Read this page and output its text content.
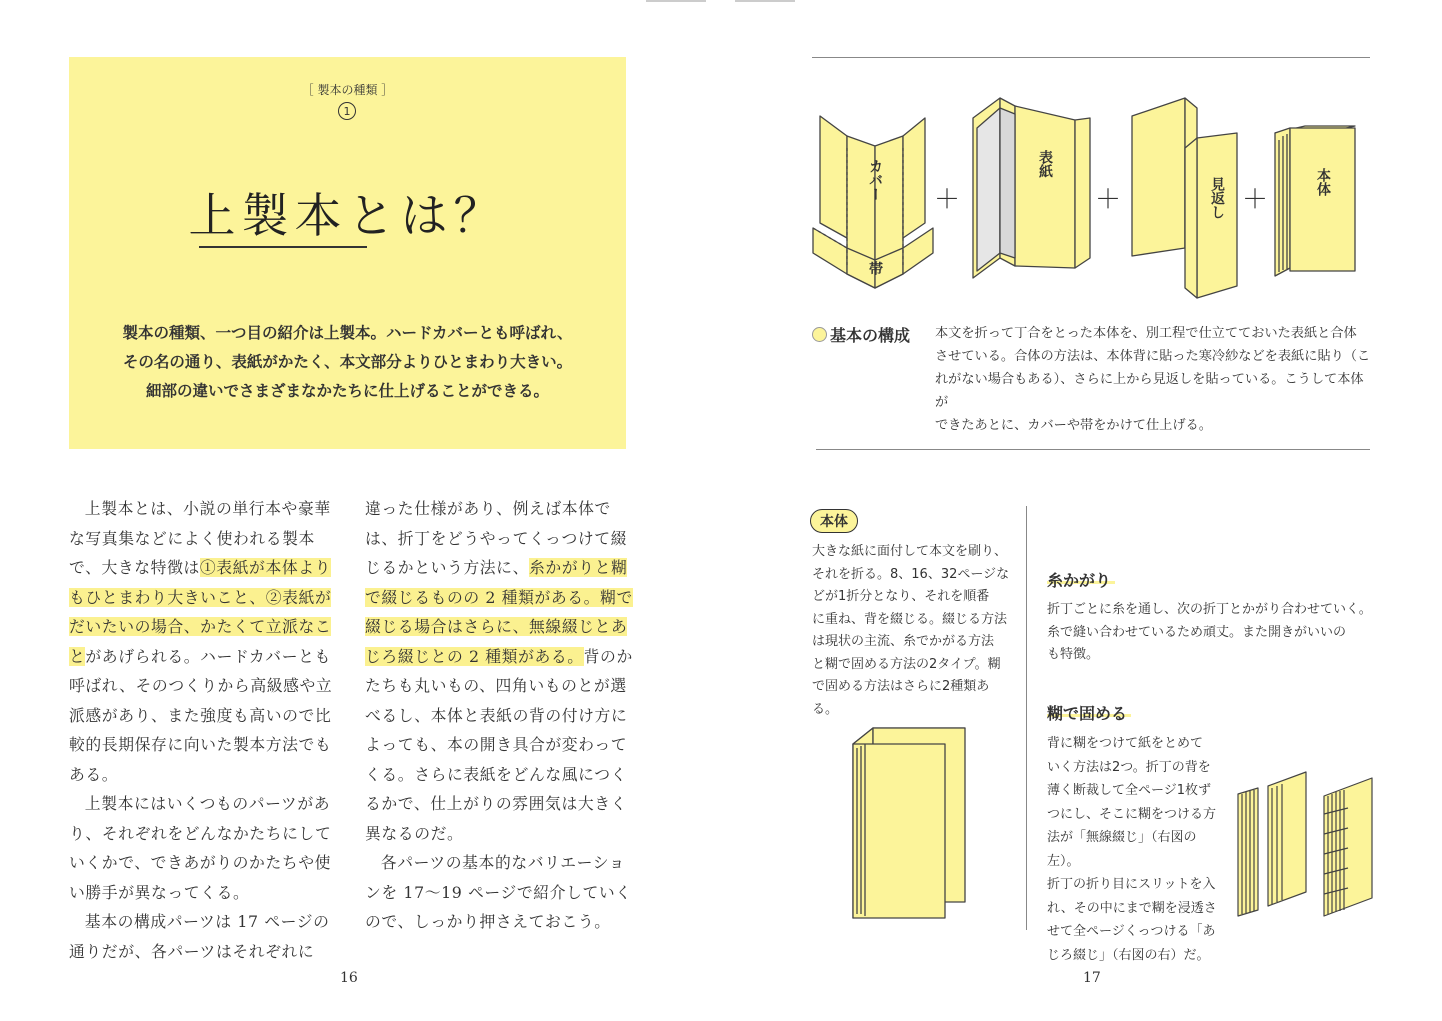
［ 製本の種類 ］
1
上製本とは？
製本の種類、一つ目の紹介は上製本。ハードカバーとも呼ばれ、
その名の通り、表紙がかたく、本文部分よりひとまわり大きい。
細部の違いでさまざまなかたちに仕上げることができる。

上製本とは、小説の単行本や豪華な写真集などによく使われる製本で、大きな特徴は①表紙が本体よりもひとまわり大きいこと、②表紙がだいたいの場合、かたくて立派なことがあげられる。ハードカバーとも呼ばれ、そのつくりから高級感や立派感があり、また強度も高いので比較的長期保存に向いた製本方法でもある。

上製本にはいくつものパーツがあり、それぞれをどんなかたちにしていくかで、できあがりのかたちや使い勝手が異なってくる。

基本の構成パーツは 17 ページの通りだが、各パーツはそれぞれに

違った仕様があり、例えば本体では、折丁をどうやってくっつけて綴じるかという方法に、糸かがりと糊で綴じるものの 2 種類がある。糊で綴じる場合はさらに、無線綴じとあじろ綴じとの 2 種類がある。背のかたちも丸いもの、四角いものとが選べるし、本体と表紙の背の付け方によっても、本の開き具合が変わってくる。さらに表紙をどんな風につくるかで、仕上がりの雰囲気は大きく異なるのだ。

各パーツの基本的なバリエーションを 17〜19 ページで紹介していくので、しっかり押さえておこう。

16
カバー
帯
表紙
見返し	本体
＋	＋	＋
基本の構成 本文を折って丁合をとった本体を、別工程で仕立てておいた表紙と合体
させている。合体の方法は、本体背に貼った寒冷紗などを表紙に貼り（こ
れがない場合もある）、さらに上から見返しを貼っている。こうして本体が
できたあとに、カバーや帯をかけて仕上げる。
本体
大きな紙に面付して本文を刷り、
それを折る。8、16、32ページな
どが1折分となり、それを順番
に重ね、背を綴じる。綴じる方法
は現状の主流、糸でかがる方法
と糊で固める方法の2タイプ。糊
で固める方法はさらに2種類あ
る。
糸かがり
折丁ごとに糸を通し、次の折丁とかがり合わせていく。
糸で縫い合わせているため頑丈。また開きがいいの
も特徴。
糊で固める
背に糊をつけて紙をとめて
いく方法は2つ。折丁の背を
薄く断裁して全ページ1枚ず
つにし、そこに糊をつける方
法が「無線綴じ」（右図の左）。
折丁の折り目にスリットを入
れ、その中にまで糊を浸透さ
せて全ページくっつける「あ
じろ綴じ」（右図の右）だ。
17
